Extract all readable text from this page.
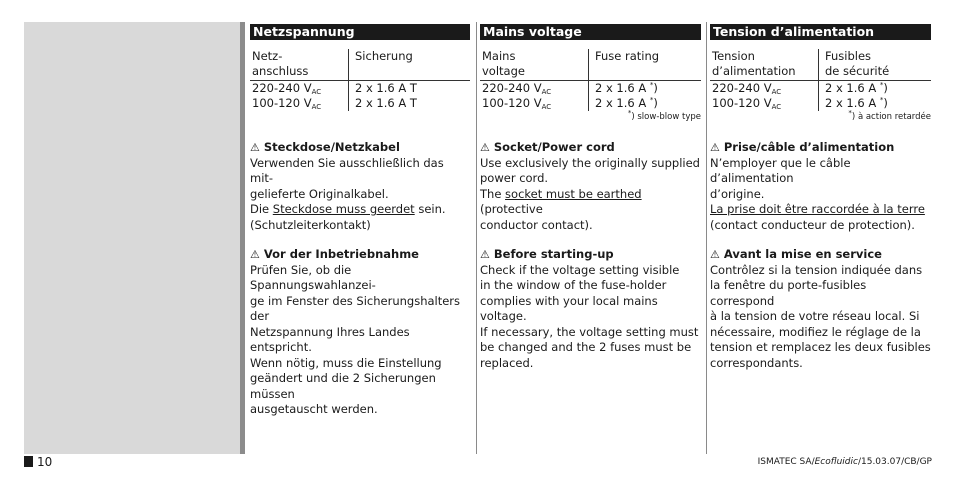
Netzspannung
Netz-
anschluss	Sicherung
220-240 $V_{AC}$	2 x 1.6 A T
100-120 $V_{AC}$	2 x 1.6 A T

⚠ Steckdose/Netzkabel
Verwenden Sie ausschließlich das mit-
gelieferte Originalkabel.
Die Steckdose muss geerdet sein.
(Schutzleiterkontakt)
⚠ Vor der Inbetriebnahme
Prüfen Sie, ob die Spannungswahlanzei-
ge im Fenster des Sicherungshalters der
Netzspannung Ihres Landes entspricht.
Wenn nötig, muss die Einstellung
geändert und die 2 Sicherungen müssen
ausgetauscht werden.
Mains voltage
Mains
voltage	Fuse rating
220-240 $V_{AC}$	2 x 1.6 A *)
100-120 $V_{AC}$	2 x 1.6 A *)
*) slow-blow type
⚠ Socket/Power cord
Use exclusively the originally supplied
power cord.
The socket must be earthed (protective
conductor contact).
⚠ Before starting-up
Check if the voltage setting visible
in the window of the fuse-holder
complies with your local mains voltage.
If necessary, the voltage setting must
be changed and the 2 fuses must be
replaced.
Tension d’alimentation
Tension
d’alimentation	Fusibles
de sécurité
220-240 $V_{AC}$	2 x 1.6 A *)
100-120 $V_{AC}$	2 x 1.6 A *)
*) à action retardée
⚠ Prise/câble d’alimentation
N’employer que le câble d’alimentation
d’origine.
La prise doit être raccordée à la terre
(contact conducteur de protection).
⚠ Avant la mise en service
Contrôlez si la tension indiquée dans
la fenêtre du porte-fusibles correspond
à la tension de votre réseau local. Si
nécessaire, modifiez le réglage de la
tension et remplacez les deux fusibles
correspondants.
10	ISMATEC SA/Ecofluidic/15.03.07/CB/GP
